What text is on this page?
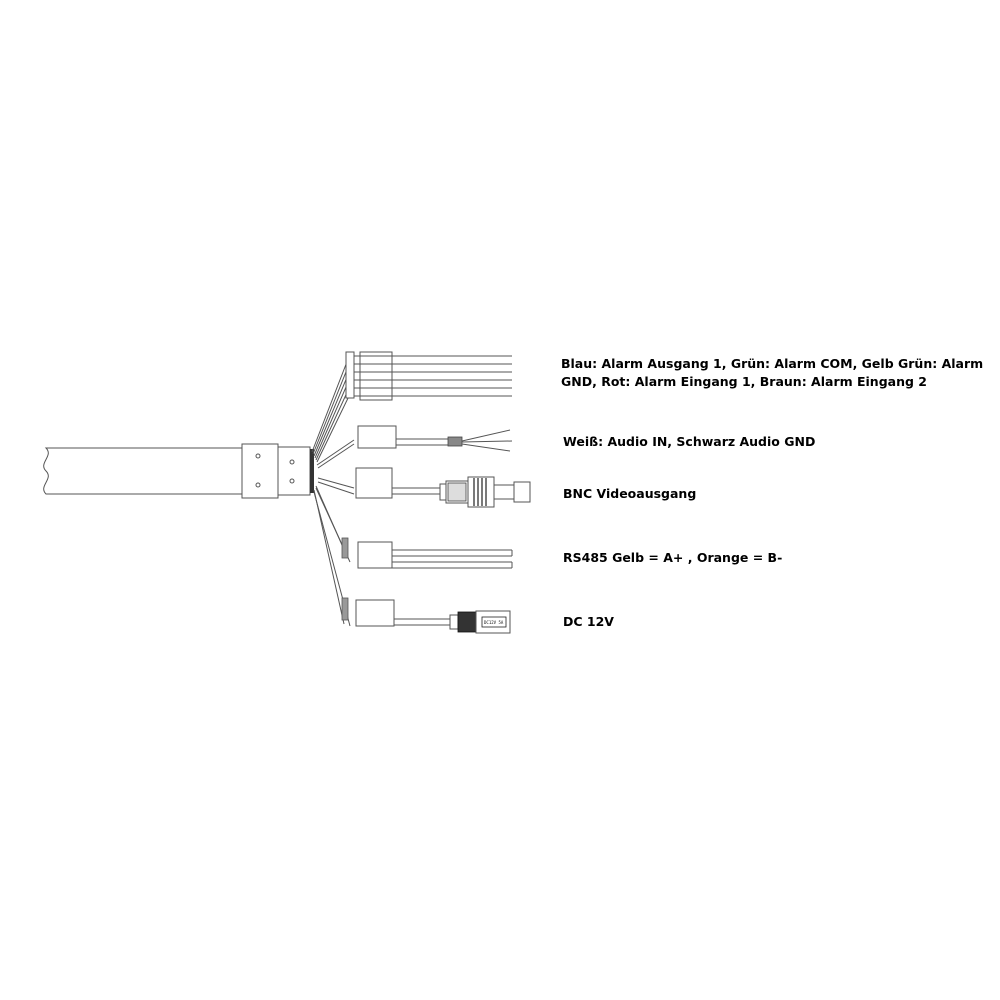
DC12V 5A
Blau: Alarm Ausgang 1, Grün: Alarm COM, Gelb Grün: Alarm
GND, Rot: Alarm Eingang 1, Braun: Alarm Eingang 2
Weiß: Audio IN, Schwarz Audio GND
BNC Videoausgang
RS485 Gelb = A+ , Orange = B-
DC 12V
